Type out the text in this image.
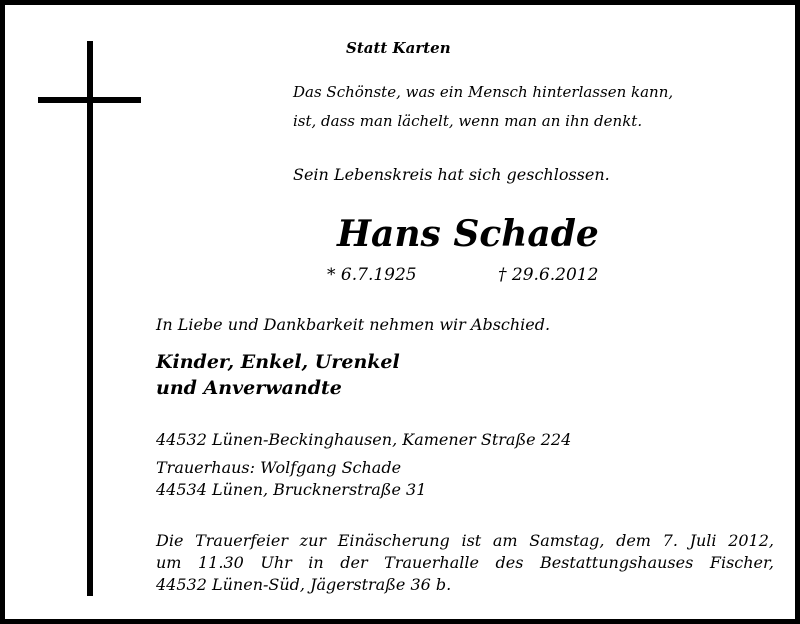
Statt Karten
Das Schönste, was ein Mensch hinterlassen kann,
ist, dass man lächelt, wenn man an ihn denkt.
Sein Lebenskreis hat sich geschlossen.
Hans Schade
* 6.7.1925	† 29.6.2012
In Liebe und Dankbarkeit nehmen wir Abschied.
Kinder, Enkel, Urenkel
und Anverwandte
44532 Lünen-Beckinghausen, Kamener Straße 224
Trauerhaus: Wolfgang Schade
44534 Lünen, Brucknerstraße 31
Die Trauerfeier zur Einäscherung ist am Samstag, dem 7. Juli 2012,
um 11.30 Uhr in der Trauerhalle des Bestattungshauses Fischer,
44532 Lünen-Süd, Jägerstraße 36 b.
